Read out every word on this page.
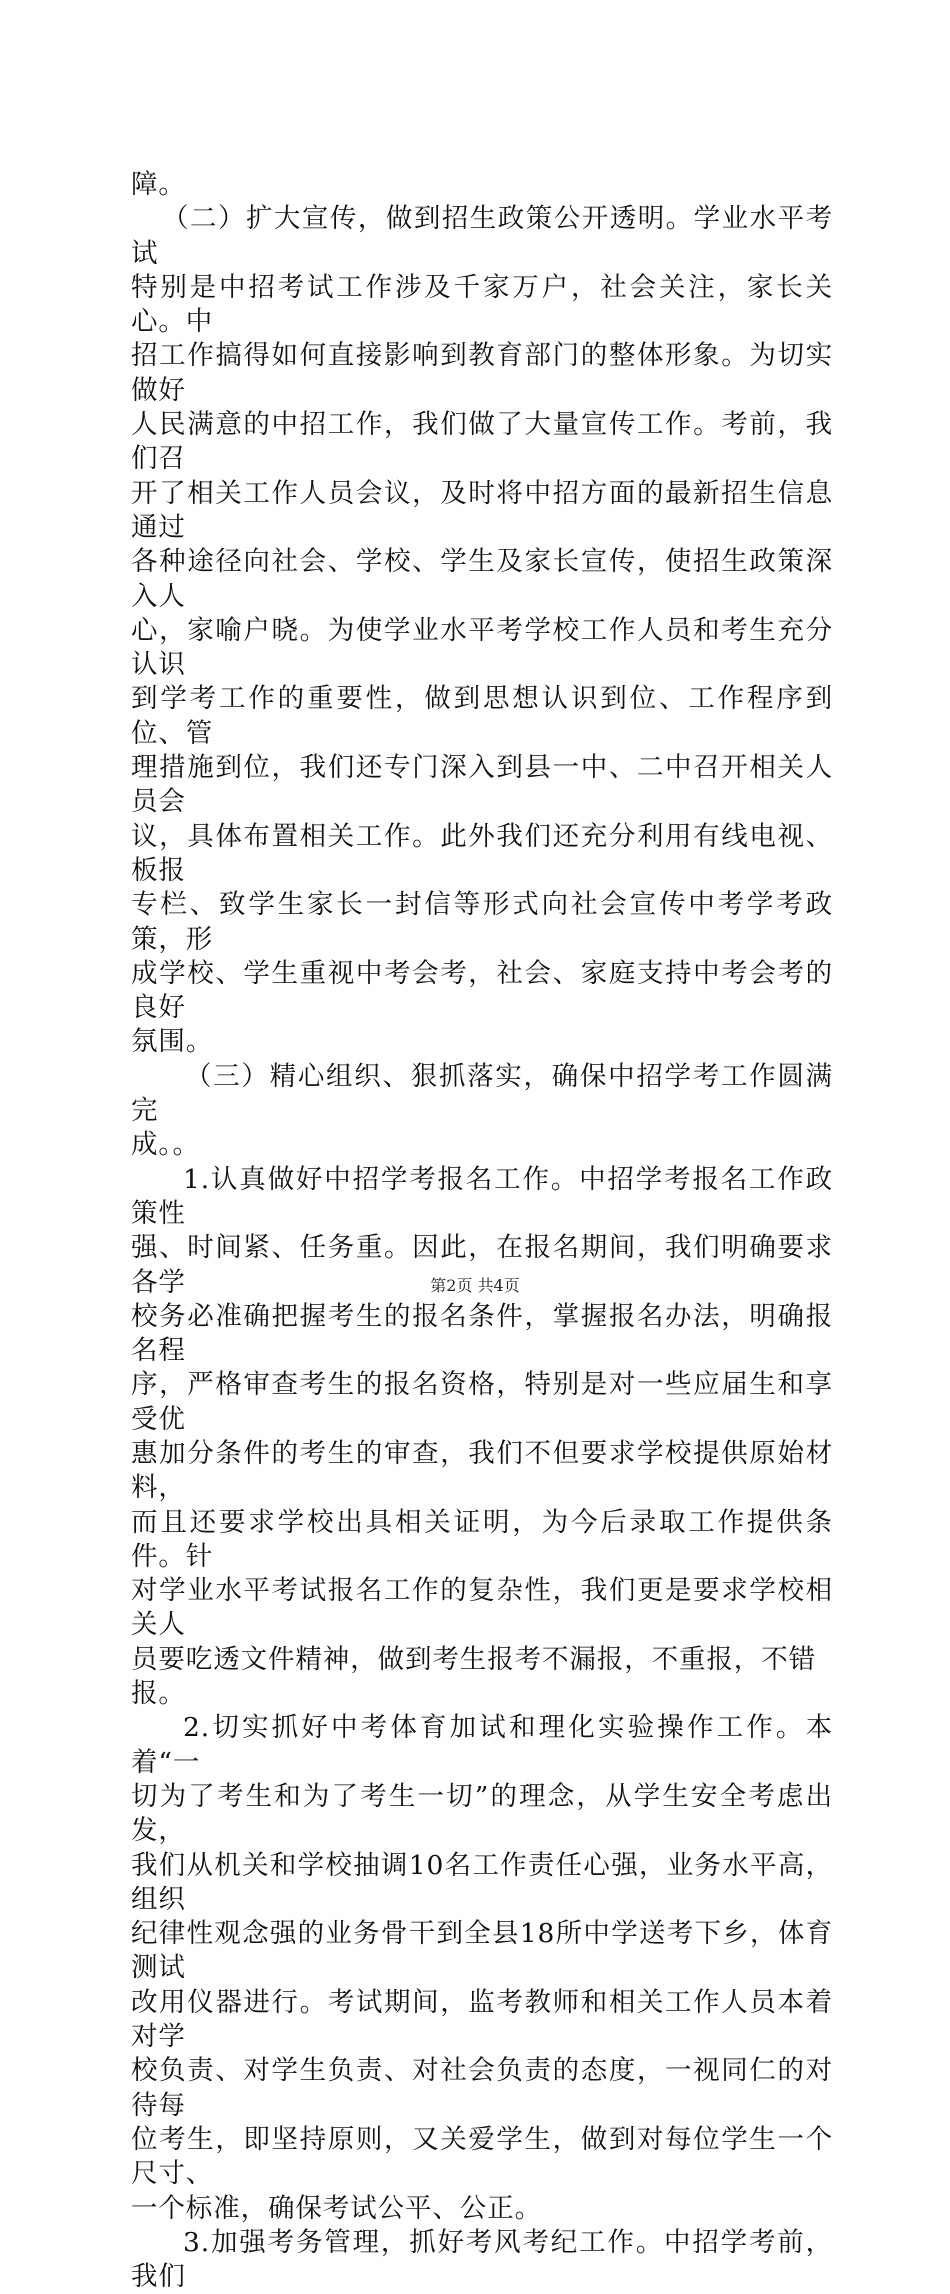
障。

（二）扩大宣传，做到招生政策公开透明。学业水平考试

特别是中招考试工作涉及千家万户，社会关注，家长关心。中

招工作搞得如何直接影响到教育部门的整体形象。为切实做好

人民满意的中招工作，我们做了大量宣传工作。考前，我们召

开了相关工作人员会议，及时将中招方面的最新招生信息通过

各种途径向社会、学校、学生及家长宣传，使招生政策深入人

心，家喻户晓。为使学业水平考学校工作人员和考生充分认识

到学考工作的重要性，做到思想认识到位、工作程序到位、管

理措施到位，我们还专门深入到县一中、二中召开相关人员会

议，具体布置相关工作。此外我们还充分利用有线电视、板报

专栏、致学生家长一封信等形式向社会宣传中考学考政策，形

成学校、学生重视中考会考，社会、家庭支持中考会考的良好

氛围。

（三）精心组织、狠抓落实，确保中招学考工作圆满完

成。。

1.认真做好中招学考报名工作。中招学考报名工作政策性

强、时间紧、任务重。因此，在报名期间，我们明确要求各学

校务必准确把握考生的报名条件，掌握报名办法，明确报名程

序，严格审查考生的报名资格，特别是对一些应届生和享受优

惠加分条件的考生的审查，我们不但要求学校提供原始材料，

而且还要求学校出具相关证明，为今后录取工作提供条件。针

对学业水平考试报名工作的复杂性，我们更是要求学校相关人

员要吃透文件精神，做到考生报考不漏报，不重报，不错报。

2.切实抓好中考体育加试和理化实验操作工作。本着“一

切为了考生和为了考生一切”的理念，从学生安全考虑出发，

我们从机关和学校抽调10名工作责任心强，业务水平高，组织

纪律性观念强的业务骨干到全县18所中学送考下乡，体育测试

改用仪器进行。考试期间，监考教师和相关工作人员本着对学

校负责、对学生负责、对社会负责的态度，一视同仁的对待每

位考生，即坚持原则，又关爱学生，做到对每位学生一个尺寸、

一个标准，确保考试公平、公正。

3.加强考务管理，抓好考风考纪工作。中招学考前，我们

第2页 共4页
